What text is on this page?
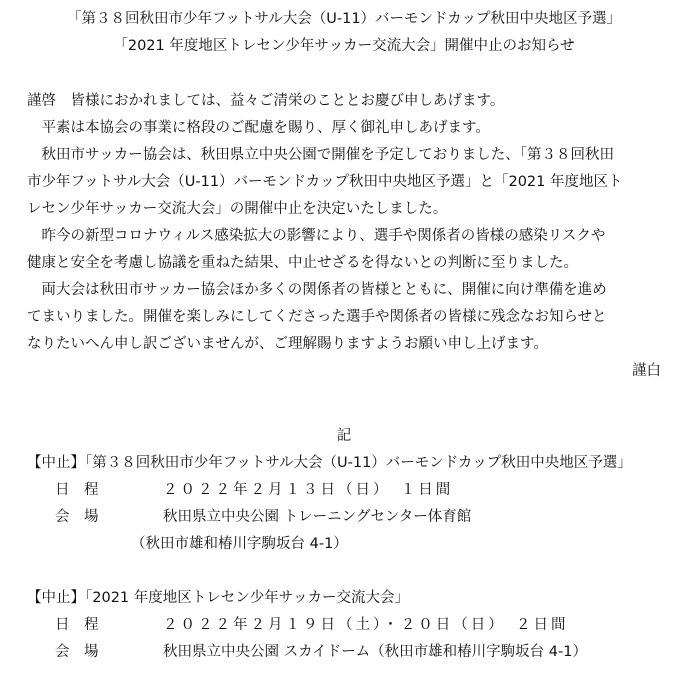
「第３８回秋田市少年フットサル大会（U-11）バーモンドカップ秋田中央地区予選」

「2021 年度地区トレセン少年サッカー交流大会」開催中止のお知らせ

謹啓　皆様におかれましては、益々ご清栄のこととお慶び申しあげます。

平素は本協会の事業に格段のご配慮を賜り、厚く御礼申しあげます。

秋田市サッカー協会は、秋田県立中央公園で開催を予定しておりました、「第３８回秋田

市少年フットサル大会（U-11）バーモンドカップ秋田中央地区予選」と「2021 年度地区ト

レセン少年サッカー交流大会」の開催中止を決定いたしました。

昨今の新型コロナウィルス感染拡大の影響により、選手や関係者の皆様の感染リスクや

健康と安全を考慮し協議を重ねた結果、中止せざるを得ないとの判断に至りました。

両大会は秋田市サッカー協会ほか多くの関係者の皆様とともに、開催に向け準備を進め

てまいりました。開催を楽しみにしてくださった選手や関係者の皆様に残念なお知らせと

なりたいへん申し訳ございませんが、ご理解賜りますようお願い申し上げます。

謹白

記

【中止】「第３８回秋田市少年フットサル大会（U-11）バーモンドカップ秋田中央地区予選」

日　程	２０２２年２月１３日（日）　１日間
会　場	秋田県立中央公園 トレーニングセンター体育館

（秋田市雄和椿川字駒坂台 4-1）

【中止】「2021 年度地区トレセン少年サッカー交流大会」

日　程	２０２２年２月１９日（土）・２０日（日）　２日間
会　場	秋田県立中央公園 スカイドーム（秋田市雄和椿川字駒坂台 4-1）
